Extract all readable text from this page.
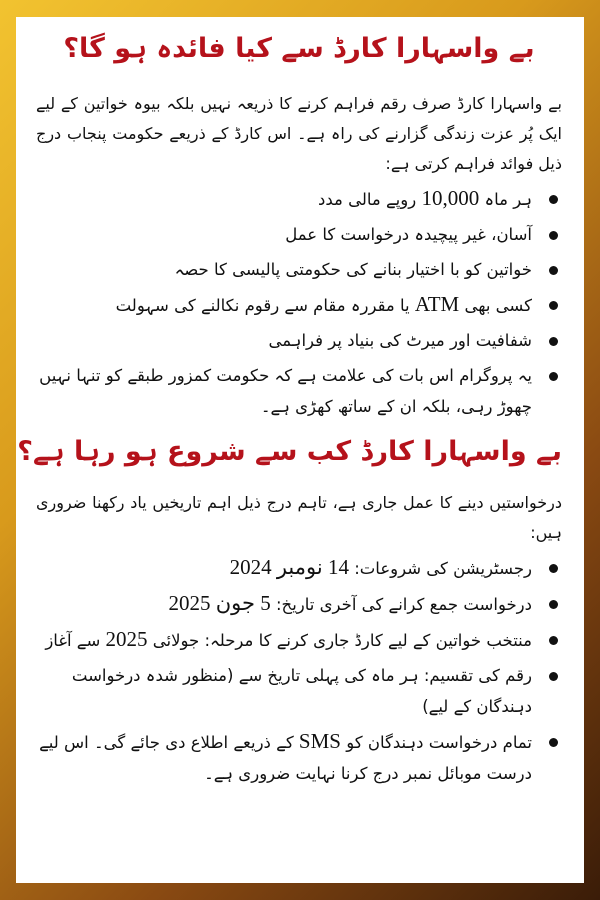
بے واسہارا کارڈ سے کیا فائدہ ہو گا؟

بے واسہارا کارڈ صرف رقم فراہم کرنے کا ذریعہ نہیں بلکہ بیوہ خواتین کے لیے ایک پُر عزت زندگی گزارنے کی راہ ہے۔ اس کارڈ کے ذریعے حکومت پنجاب درج ذیل فوائد فراہم کرتی ہے:

ہر ماہ 10,000 روپے مالی مدد
آسان، غیر پیچیدہ درخواست کا عمل
خواتین کو با اختیار بنانے کی حکومتی پالیسی کا حصہ
کسی بھی ATM یا مقررہ مقام سے رقوم نکالنے کی سہولت
شفافیت اور میرٹ کی بنیاد پر فراہمی
یہ پروگرام اس بات کی علامت ہے کہ حکومت کمزور طبقے کو تنہا نہیں چھوڑ رہی، بلکہ ان کے ساتھ کھڑی ہے۔
بے واسہارا کارڈ کب سے شروع ہو رہا ہے؟

درخواستیں دینے کا عمل جاری ہے، تاہم درج ذیل اہم تاریخیں یاد رکھنا ضروری ہیں:

رجسٹریشن کی شروعات: 14 نومبر 2024
درخواست جمع کرانے کی آخری تاریخ: 5 جون 2025
منتخب خواتین کے لیے کارڈ جاری کرنے کا مرحلہ: جولائی 2025 سے آغاز
رقم کی تقسیم: ہر ماہ کی پہلی تاریخ سے (منظور شدہ درخواست دہندگان کے لیے)
تمام درخواست دہندگان کو SMS کے ذریعے اطلاع دی جائے گی۔ اس لیے درست موبائل نمبر درج کرنا نہایت ضروری ہے۔
